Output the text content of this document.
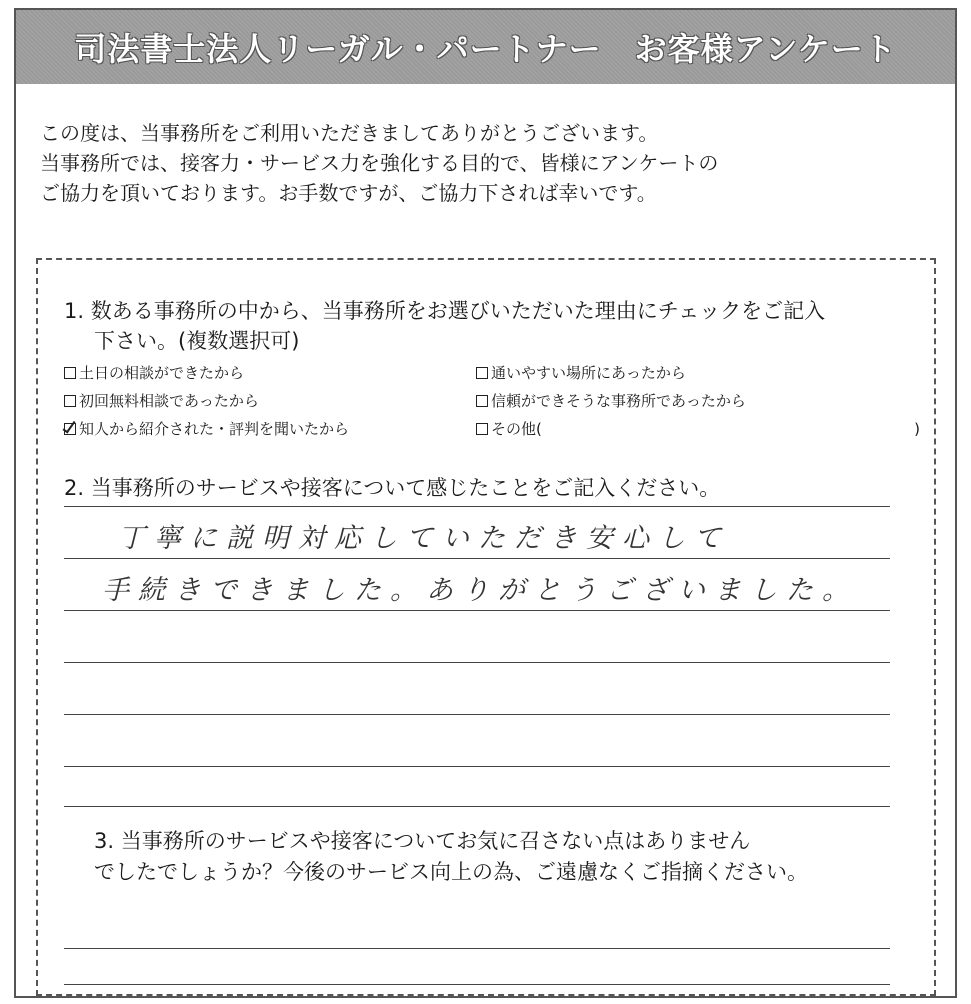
司法書士法人リーガル・パートナー　お客様アンケート

この度は、当事務所をご利用いただきましてありがとうございます。

当事務所では、接客力・サービス力を強化する目的で、皆様にアンケートの

ご協力を頂いております。お手数ですが、ご協力下されば幸いです。

1. 数ある事務所の中から、当事務所をお選びいただいた理由にチェックをご記入
下さい。(複数選択可)
土日の相談ができたから	通いやすい場所にあったから
初回無料相談であったから	信頼ができそうな事務所であったから
知人から紹介された・評判を聞いたから	その他(	)
2. 当事務所のサービスや接客について感じたことをご記入ください。
丁寧に説明対応していただき安心して
手続きできました。ありがとうございました。

3. 当事務所のサービスや接客についてお気に召さない点はありません

でしたでしょうか？今後のサービス向上の為、ご遠慮なくご指摘ください。
